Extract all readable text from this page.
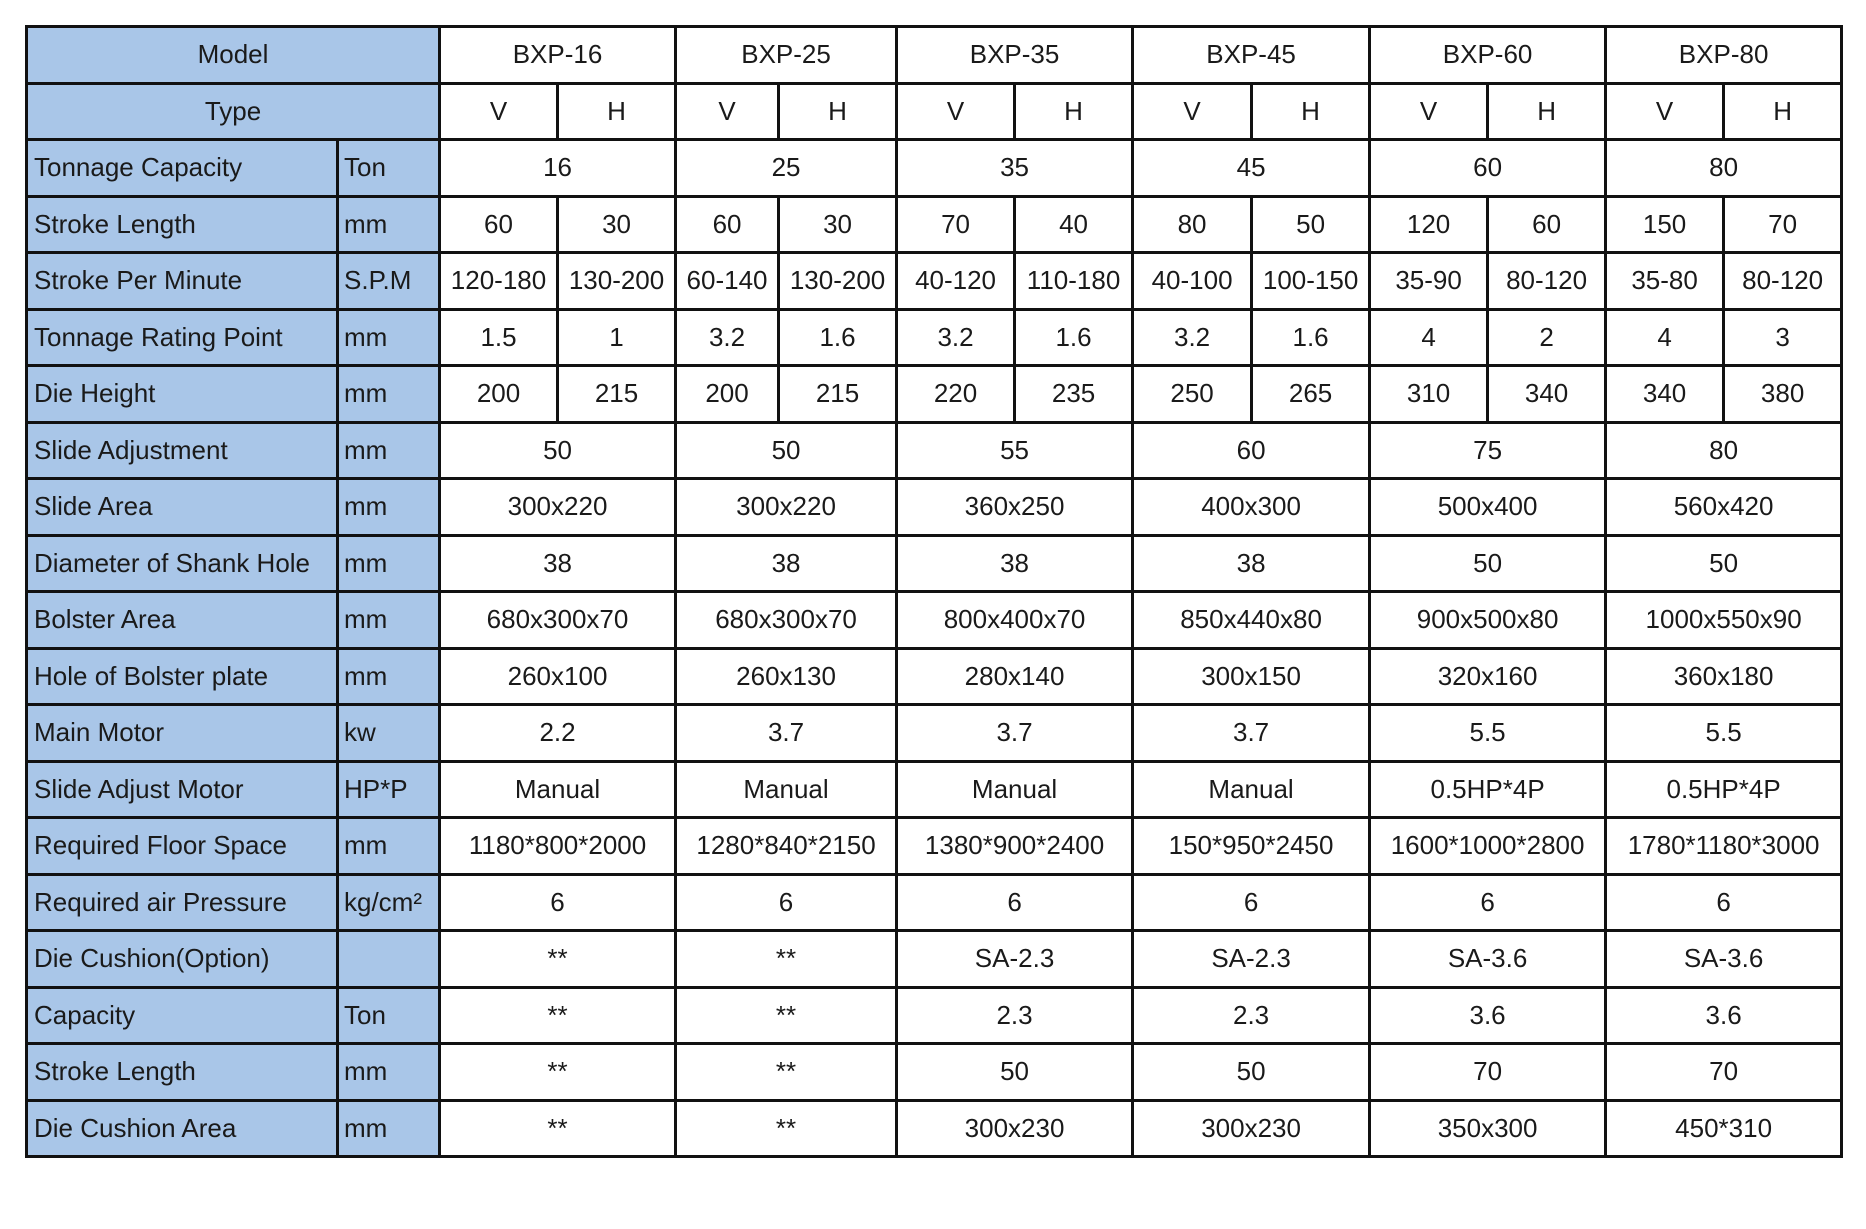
Model		BXP-16		BXP-25		BXP-35		BXP-45		BXP-60		BXP-80	
Type		V	H	V	H	V	H	V	H	V	H	V	H
Tonnage Capacity	Ton	16		25		35		45		60		80	
Stroke Length	mm	60	30	60	30	70	40	80	50	120	60	150	70
Stroke Per Minute	S.P.M	120-180	130-200	60-140	130-200	40-120	110-180	40-100	100-150	35-90	80-120	35-80	80-120
Tonnage Rating Point	mm	1.5	1	3.2	1.6	3.2	1.6	3.2	1.6	4	2	4	3
Die Height	mm	200	215	200	215	220	235	250	265	310	340	340	380
Slide Adjustment	mm	50		50		55		60		75		80	
Slide Area	mm	300x220		300x220		360x250		400x300		500x400		560x420	
Diameter of Shank Hole	mm	38		38		38		38		50		50	
Bolster Area	mm	680x300x70		680x300x70		800x400x70		850x440x80		900x500x80		1000x550x90	
Hole of Bolster plate	mm	260x100		260x130		280x140		300x150		320x160		360x180	
Main Motor	kw	2.2		3.7		3.7		3.7		5.5		5.5	
Slide Adjust Motor	HP*P	Manual		Manual		Manual		Manual		0.5HP*4P		0.5HP*4P	
Required Floor Space	mm	1180*800*2000		1280*840*2150		1380*900*2400		150*950*2450		1600*1000*2800		1780*1180*3000	
Required air Pressure	kg/cm²	6		6		6		6		6		6	
Die Cushion(Option)		**		**		SA-2.3		SA-2.3		SA-3.6		SA-3.6	
Capacity	Ton	**		**		2.3		2.3		3.6		3.6	
Stroke Length	mm	**		**		50		50		70		70	
Die Cushion Area	mm	**		**		300x230		300x230		350x300		450*310	
